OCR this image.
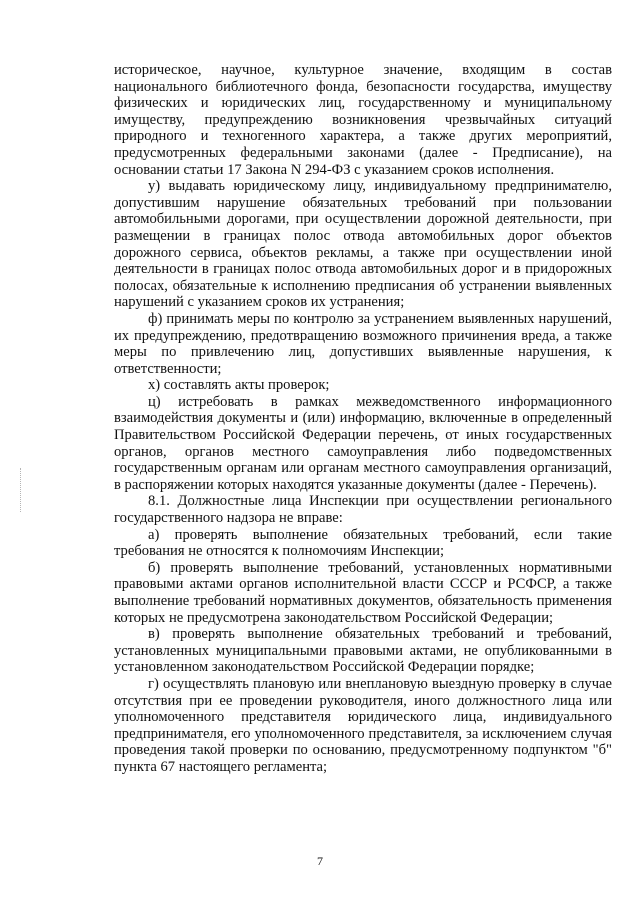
историческое, научное, культурное значение, входящим в состав национального библиотечного фонда, безопасности государства, имуществу физических и юридических лиц, государственному и муниципальному имуществу, предупреждению возникновения чрезвычайных ситуаций природного и техногенного характера, а также других мероприятий, предусмотренных федеральными законами (далее - Предписание), на основании статьи 17 Закона N 294-ФЗ с указанием сроков исполнения.

у) выдавать юридическому лицу, индивидуальному предпринимателю, допустившим нарушение обязательных требований при пользовании автомобильными дорогами, при осуществлении дорожной деятельности, при размещении в границах полос отвода автомобильных дорог объектов дорожного сервиса, объектов рекламы, а также при осуществлении иной деятельности в границах полос отвода автомобильных дорог и в придорожных полосах, обязательные к исполнению предписания об устранении выявленных нарушений с указанием сроков их устранения;

ф) принимать меры по контролю за устранением выявленных нарушений, их предупреждению, предотвращению возможного причинения вреда, а также меры по привлечению лиц, допустивших выявленные нарушения, к ответственности;

х) составлять акты проверок;

ц) истребовать в рамках межведомственного информационного взаимодействия документы и (или) информацию, включенные в определенный Правительством Российской Федерации перечень, от иных государственных органов, органов местного самоуправления либо подведомственных государственным органам или органам местного самоуправления организаций, в распоряжении которых находятся указанные документы (далее - Перечень).

8.1. Должностные лица Инспекции при осуществлении регионального государственного надзора не вправе:

а) проверять выполнение обязательных требований, если такие требования не относятся к полномочиям Инспекции;

б) проверять выполнение требований, установленных нормативными правовыми актами органов исполнительной власти СССР и РСФСР, а также выполнение требований нормативных документов, обязательность применения которых не предусмотрена законодательством Российской Федерации;

в) проверять выполнение обязательных требований и требований, установленных муниципальными правовыми актами, не опубликованными в установленном законодательством Российской Федерации порядке;

г) осуществлять плановую или внеплановую выездную проверку в случае отсутствия при ее проведении руководителя, иного должностного лица или уполномоченного представителя юридического лица, индивидуального предпринимателя, его уполномоченного представителя, за исключением случая проведения такой проверки по основанию, предусмотренному подпунктом "б" пункта 67 настоящего регламента;

7
